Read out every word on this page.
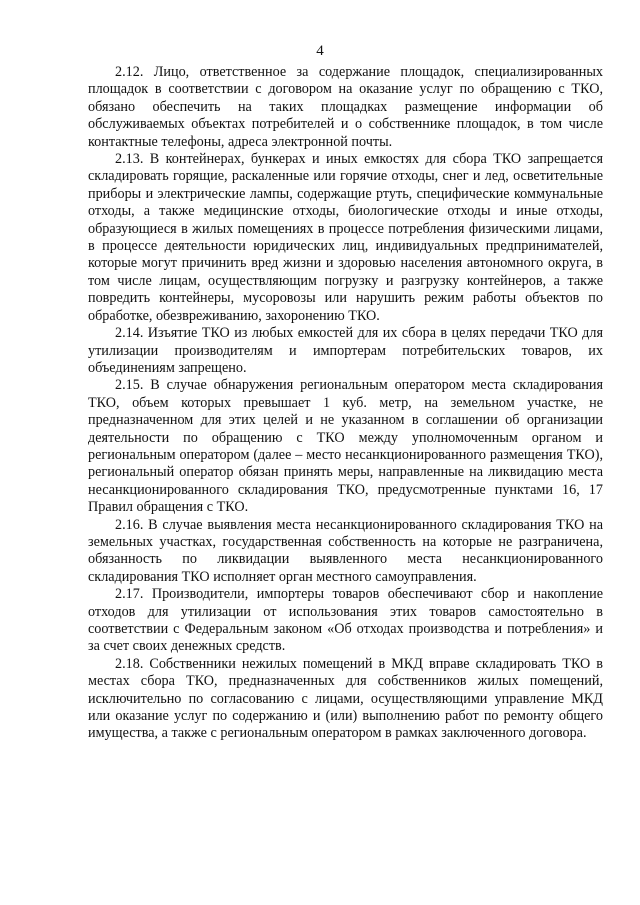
4

2.12. Лицо, ответственное за содержание площадок, специализированных площадок в соответствии с договором на оказание услуг по обращению с ТКО, обязано обеспечить на таких площадках размещение информации об обслуживаемых объектах потребителей и о собственнике площадок, в том числе контактные телефоны, адреса электронной почты.

2.13. В контейнерах, бункерах и иных емкостях для сбора ТКО запрещается складировать горящие, раскаленные или горячие отходы, снег и лед, осветительные приборы и электрические лампы, содержащие ртуть, специфические коммунальные отходы, а также медицинские отходы, биологические отходы и иные отходы, образующиеся в жилых помещениях в процессе потребления физическими лицами, в процессе деятельности юридических лиц, индивидуальных предпринимателей, которые могут причинить вред жизни и здоровью населения автономного округа, в том числе лицам, осуществляющим погрузку и разгрузку контейнеров, а также повредить контейнеры, мусоровозы или нарушить режим работы объектов по обработке, обезвреживанию, захоронению ТКО.

2.14. Изъятие ТКО из любых емкостей для их сбора в целях передачи ТКО для утилизации производителям и импортерам потребительских товаров, их объединениям запрещено.

2.15. В случае обнаружения региональным оператором места складирования ТКО, объем которых превышает 1 куб. метр, на земельном участке, не предназначенном для этих целей и не указанном в соглашении об организации деятельности по обращению с ТКО между уполномоченным органом и региональным оператором (далее – место несанкционированного размещения ТКО), региональный оператор обязан принять меры, направленные на ликвидацию места несанкционированного складирования ТКО, предусмотренные пунктами 16, 17 Правил обращения с ТКО.

2.16. В случае выявления места несанкционированного складирования ТКО на земельных участках, государственная собственность на которые не разграничена, обязанность по ликвидации выявленного места несанкционированного складирования ТКО исполняет орган местного самоуправления.

2.17. Производители, импортеры товаров обеспечивают сбор и накопление отходов для утилизации от использования этих товаров самостоятельно в соответствии с Федеральным законом «Об отходах производства и потребления» и за счет своих денежных средств.

2.18. Собственники нежилых помещений в МКД вправе складировать ТКО в местах сбора ТКО, предназначенных для собственников жилых помещений, исключительно по согласованию с лицами, осуществляющими управление МКД или оказание услуг по содержанию и (или) выполнению работ по ремонту общего имущества, а также с региональным оператором в рамках заключенного договора.
